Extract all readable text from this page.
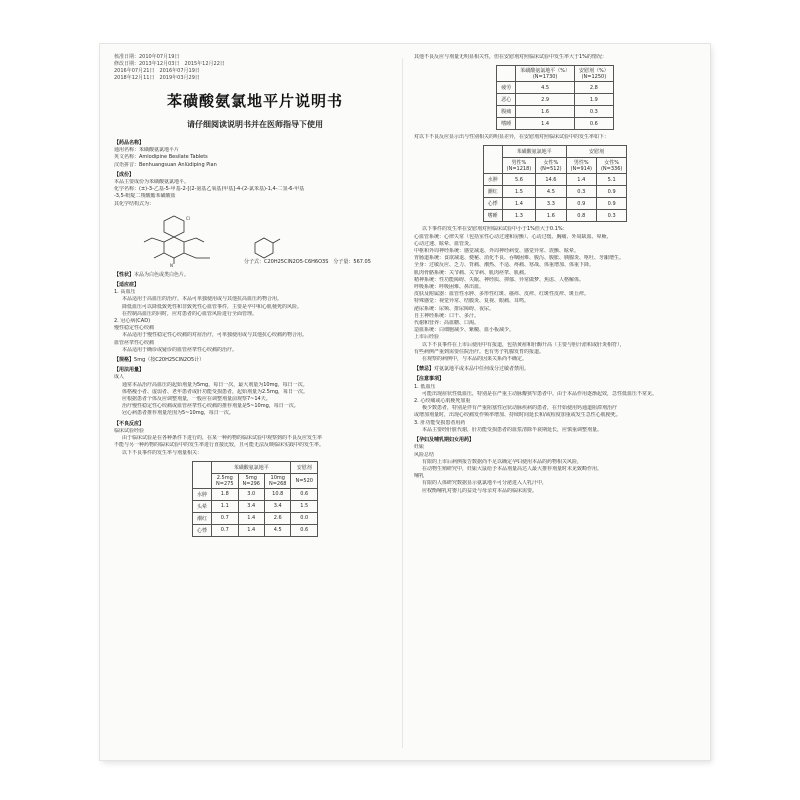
核准日期：2010年07月19日
修改日期：2013年12月03日　2015年12月22日
2016年07月21日　2016年07月19日
2018年12月11日　2019年03月29日
苯磺酸氨氯地平片说明书
请仔细阅读说明书并在医师指导下使用
【药品名称】
通用名称：苯磺酸氨氯地平片
英文名称：Amlodipine Besilate Tablets
汉语拼音：Benhuangsuan Anlüdiping Pian
【成份】
本品主要成份为苯磺酸氨氯地平。
化学名称：(±)-3-乙基-5-甲基-2-[(2-氨基乙氧基)甲基]-4-(2-氯苯基)-1,4-二氢-6-甲基
-3,5-吡啶二羧酸酯苯磺酸盐
其化学结构式为：
Cl
N
分子式：C20H25ClN2O5·C6H6O3S　分子量：567.05
【性状】本品为白色或类白色片。
【适应症】
1. 高血压
本品适用于高血压的治疗。本品可单独使用或与其他抗高血压药物合用。
降低血压可以降低致死性和非致死性心血管事件，主要是卒中和心肌梗死的风险。
在控制高血压的同时，应对患者的心血管风险进行全面管理。
2. 冠心病(CAD)
慢性稳定性心绞痛
本品适用于慢性稳定性心绞痛的对症治疗，可单独使用或与其他抗心绞痛药物合用。
血管痉挛性心绞痛
本品适用于确诊或疑诊的血管痉挛性心绞痛的治疗。
【规格】5mg（按C20H25ClN2O5计）
【用法用量】
成人
通常本品治疗高血压的起始剂量为5mg，每日一次，最大剂量为10mg，每日一次。
体格瘦小者、虚弱者、老年患者或肝功能受损患者，起始剂量为2.5mg，每日一次。
应根据患者个体反应调整剂量，一般应在调整剂量前观察7~14天。
治疗慢性稳定性心绞痛或血管痉挛性心绞痛的推荐剂量是5~10mg，每日一次。
冠心病患者推荐剂量范围为5~10mg，每日一次。
【不良反应】
临床试验经验
由于临床试验是在各种条件下进行的，在某一种药物的临床试验中观察到的不良反应发生率
不能与另一种药物的临床试验中的发生率进行直接比较，且可能无法反映临床实践中的发生率。
以下不良事件的发生率与剂量相关：
	苯磺酸氨氯地平			安慰剂
	2.5mg
N=275	5mg
N=296	10mg
N=268	N=520
水肿	1.8	3.0	10.8	0.6
头晕	1.1	3.4	3.4	1.5
潮红	0.7	1.4	2.6	0.0
心悸	0.7	1.4	4.5	0.6
其他不良反应与剂量无明显相关性，但在安慰剂对照临床试验中发生率大于1%的情况：
	苯磺酸氨氯地平（%）
(N=1730)	安慰剂（%）
(N=1250)
疲劳	4.5	2.8
恶心	2.9	1.9
腹痛	1.6	0.3
嗜睡	1.4	0.6
对以下不良反应显示出与性别相关的明显差异，在安慰剂对照临床试验中的发生率如下：
	苯磺酸氨氯地平		安慰剂	
	男性%
(N=1218)	女性%
(N=512)	男性%
(N=914)	女性%
(N=336)
水肿	5.6	14.6	1.4	5.1
潮红	1.5	4.5	0.3	0.9
心悸	1.4	3.3	0.9	0.9
嗜睡	1.3	1.6	0.8	0.3
以下事件的发生率在安慰剂对照临床试验中小于1%但大于0.1%：
心血管系统：心律失常（包括室性心动过速和房颤）、心动过缓、胸痛、外周缺血、晕厥、
心动过速、眩晕、血管炎。
中枢和外周神经系统：感觉减退、外周神经病变、感觉异常、震颤、眩晕。
胃肠道系统：食欲减退、便秘、消化不良、吞咽困难、腹泻、腹胀、胰腺炎、呕吐、牙龈增生。
全身：过敏反应、乏力、背痛、潮热、不适、疼痛、寒战、体重增加、体重下降。
肌肉骨骼系统：关节痛、关节病、肌肉痉挛、肌痛。
精神系统：性功能障碍、失眠、神经质、抑郁、异常做梦、焦虑、人格解体。
呼吸系统：呼吸困难、鼻出血。
皮肤及附属器：血管性水肿、多形性红斑、瘙痒、皮疹、红斑性皮疹、斑丘疹。
特殊感觉：视觉异常、结膜炎、复视、眼痛、耳鸣。
泌尿系统：尿频、排尿障碍、夜尿。
自主神经系统：口干、多汗。
代谢和营养：高血糖、口渴。
造血系统：白细胞减少、紫癜、血小板减少。
上市后经验
以下不良事件在上市后使用中有报道，包括黄疸和肝酶升高（主要与胆汁淤积或肝炎相符），
有些病例严重到需要住院治疗。也有男子乳腺发育的报道。
在观察的病例中，与本品的因果关系尚不确定。
【禁忌】对氨氯地平或本品中任何成分过敏者禁用。
【注意事项】
1. 低血压
可能出现症状性低血压，特别是在严重主动脉瓣狭窄患者中。由于本品作用逐渐起效，急性低血压不常见。
2. 心绞痛或心肌梗死加重
极少数患者，特别是伴有严重阻塞性冠状动脉疾病的患者，在开始使用钙通道阻滞剂治疗
或增加剂量时，出现心绞痛发作频率增加、持续时间延长和/或程度加重或发生急性心肌梗死。
3. 肝功能受损患者用药
本品主要经肝脏代谢，肝功能受损患者的血浆清除半衰期延长，应慎重调整剂量。
【孕妇及哺乳期妇女用药】
妊娠
风险总结
有限的上市后病例报告数据尚不足以确定孕妇使用本品的药物相关风险，
在动物生殖研究中，妊娠大鼠给予本品剂量高达人最大推荐剂量时未见致畸作用。
哺乳
有限的人体研究数据显示氨氯地平可分泌进入人乳汁中，
应权衡哺乳对婴儿的益处与母亲对本品的临床需要。
